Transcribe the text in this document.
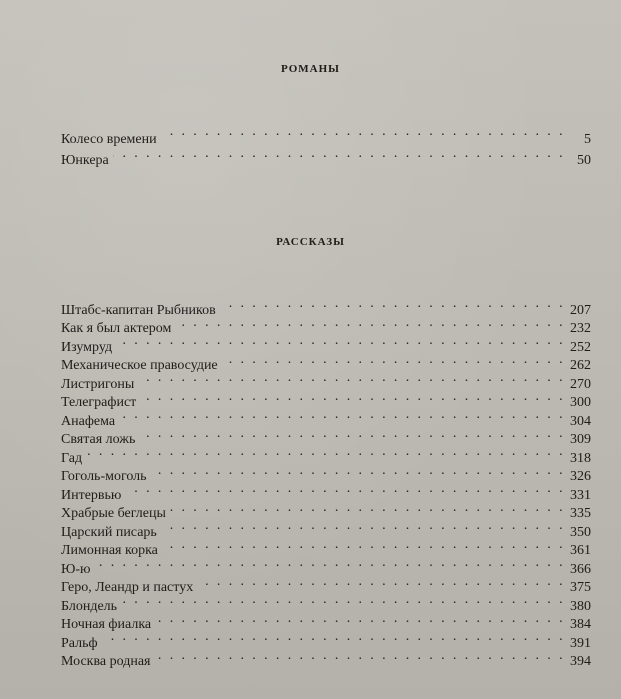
РОМАНЫ
Колесо времени . . .	5
Юнкера . . .	50
РАССКАЗЫ
Штабс-капитан Рыбников . . .	207
Как я был актером . . .	232
Изумруд . . .	252
Механическое правосудие . . .	262
Листригоны . . .	270
Телеграфист . . .	300
Анафема . . .	304
Святая ложь . . .	309
Гад . . .	318
Гоголь-моголь . . .	326
Интервью . . .	331
Храбрые беглецы . . .	335
Царский писарь . . .	350
Лимонная корка . . .	361
Ю-ю . . .	366
Геро, Леандр и пастух . . .	375
Блондель . . .	380
Ночная фиалка . . .	384
Ральф . . .	391
Москва родная . . .	394
